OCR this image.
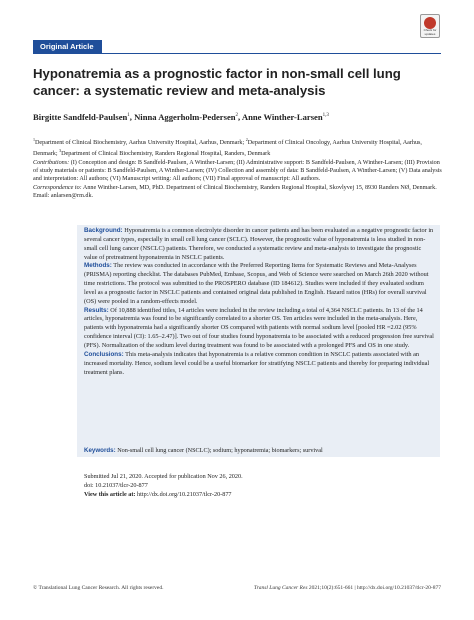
Original Article
Check for updates
Hyponatremia as a prognostic factor in non-small cell lung cancer: a systematic review and meta-analysis
Birgitte Sandfeld-Paulsen$^1$, Ninna Aggerholm-Pedersen$^2$, Anne Winther-Larsen$^{1,3}$
$^1$Department of Clinical Biochemistry, Aarhus University Hospital, Aarhus, Denmark; $^2$Department of Clinical Oncology, Aarhus University Hospital, Aarhus, Denmark; $^3$Department of Clinical Biochemistry, Randers Regional Hospital, Randers, Denmark
Contributions: (I) Conception and design: B Sandfeld-Paulsen, A Winther-Larsen; (II) Administrative support: B Sandfeld-Paulsen, A Winther-Larsen; (III) Provision of study materials or patients: B Sandfeld-Paulsen, A Winther-Larsen; (IV) Collection and assembly of data: B Sandfeld-Paulsen, A Winther-Larsen; (V) Data analysis and interpretation: All authors; (VI) Manuscript writing: All authors; (VII) Final approval of manuscript: All authors.
Correspondence to: Anne Winther-Larsen, MD, PhD. Department of Clinical Biochemistry, Randers Regional Hospital, Skovlyvej 15, 8930 Randers NØ, Denmark. Email: anlarsen@rm.dk.

Background: Hyponatremia is a common electrolyte disorder in cancer patients and has been evaluated as a negative prognostic factor in several cancer types, especially in small cell lung cancer (SCLC). However, the prognostic value of hyponatremia is less studied in non-small cell lung cancer (NSCLC) patients. Therefore, we conducted a systematic review and meta-analysis to investigate the prognostic value of pretreatment hyponatremia in NSCLC patients.

Methods: The review was conducted in accordance with the Preferred Reporting Items for Systematic Reviews and Meta-Analyses (PRISMA) reporting checklist. The databases PubMed, Embase, Scopus, and Web of Science were searched on March 26th 2020 without time restrictions. The protocol was submitted to the PROSPERO database (ID 184612). Studies were included if they evaluated sodium level as a prognostic factor in NSCLC patients and contained original data published in English. Hazard ratios (HRs) for overall survival (OS) were pooled in a random-effects model.

Results: Of 10,888 identified titles, 14 articles were included in the review including a total of 4,364 NSCLC patients. In 13 of the 14 articles, hyponatremia was found to be significantly correlated to a shorter OS. Ten articles were included in the meta-analysis. Here, patients with hyponatremia had a significantly shorter OS compared with patients with normal sodium level [pooled HR =2.02 (95% confidence interval (CI): 1.65–2.47)]. Two out of four studies found hyponatremia to be associated with a reduced progression free survival (PFS). Normalization of the sodium level during treatment was found to be associated with a prolonged PFS and OS in one study.

Conclusions: This meta-analysis indicates that hyponatremia is a relative common condition in NSCLC patients associated with an increased mortality. Hence, sodium level could be a useful biomarker for stratifying NSCLC patients and thereby for preparing individual treatment plans.

Keywords: Non-small cell lung cancer (NSCLC); sodium; hyponatremia; biomarkers; survival
Submitted Jul 21, 2020. Accepted for publication Nov 26, 2020.
doi: 10.21037/tlcr-20-877
View this article at: http://dx.doi.org/10.21037/tlcr-20-877
© Translational Lung Cancer Research. All rights reserved.	Transl Lung Cancer Res 2021;10(2):651-661 | http://dx.doi.org/10.21037/tlcr-20-877
